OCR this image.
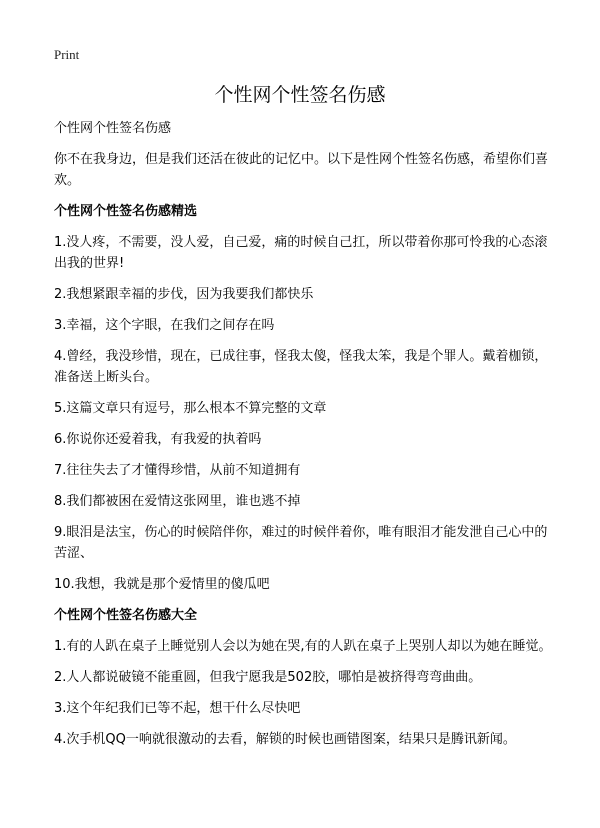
Print
个性网个性签名伤感

个性网个性签名伤感

你不在我身边，但是我们还活在彼此的记忆中。以下是性网个性签名伤感，希望你们喜欢。

个性网个性签名伤感精选

1.没人疼，不需要，没人爱，自己爱，痛的时候自己扛，所以带着你那可怜我的心态滚出我的世界!

2.我想紧跟幸福的步伐，因为我要我们都快乐

3.幸福，这个字眼，在我们之间存在吗

4.曾经，我没珍惜，现在，已成往事，怪我太傻，怪我太笨，我是个罪人。戴着枷锁，准备送上断头台。

5.这篇文章只有逗号，那么根本不算完整的文章

6.你说你还爱着我，有我爱的执着吗

7.往往失去了才懂得珍惜，从前不知道拥有

8.我们都被困在爱情这张网里，谁也逃不掉

9.眼泪是法宝，伤心的时候陪伴你，难过的时候伴着你，唯有眼泪才能发泄自己心中的苦涩、

10.我想，我就是那个爱情里的傻瓜吧

个性网个性签名伤感大全

1.有的人趴在桌子上睡觉别人会以为她在哭,有的人趴在桌子上哭别人却以为她在睡觉。

2.人人都说破镜不能重圆，但我宁愿我是502胶，哪怕是被挤得弯弯曲曲。

3.这个年纪我们已等不起，想干什么尽快吧

4.次手机QQ一响就很激动的去看，解锁的时候也画错图案，结果只是腾讯新闻。
